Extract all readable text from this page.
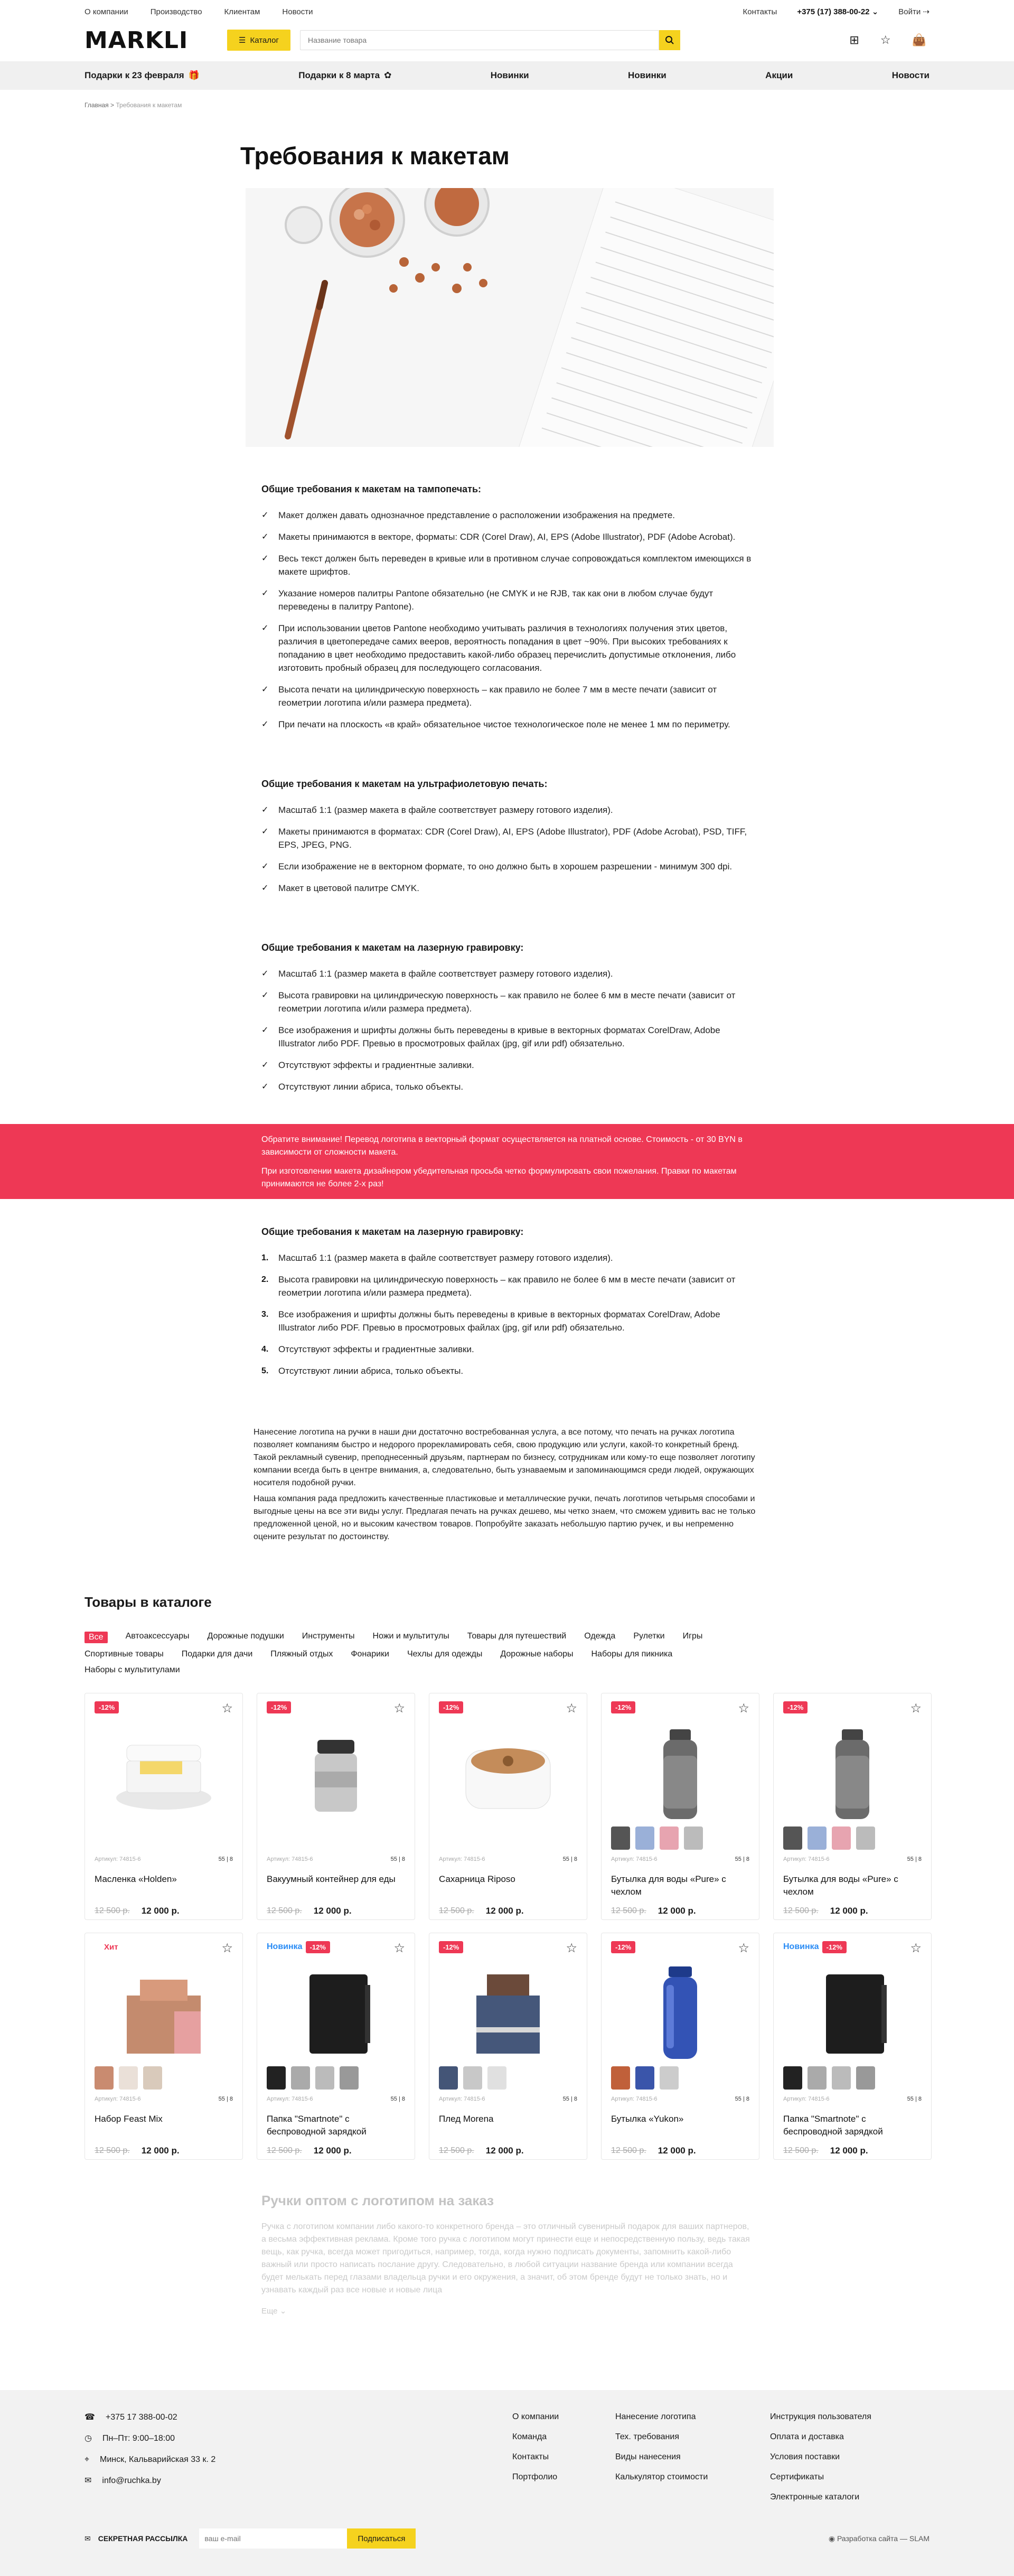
О компании	Производство	Клиентам	Новости	Контакты	+375 (17) 388-00-22 ⌄	Войти ⇢
MARKLI	☰ Каталог
Название товара	⊞ ☆ 👜
Подарки к 23 февраля 🎁	Подарки к 8 марта ✿	Новинки	Новинки	Акции	Новости
Главная > Требования к макетам
Требования к макетам
Общие требования к макетам на тампопечать:
✓ Макет должен давать однозначное представление о расположении изображения на предмете.
✓ Макеты принимаются в векторе, форматы: CDR (Corel Draw), AI, EPS (Adobe Illustrator), PDF (Adobe Acrobat).
✓ Весь текст должен быть переведен в кривые или в противном случае сопровождаться комплектом имеющихся в макете шрифтов.
✓ Указание номеров палитры Pantone обязательно (не CMYK и не RJB, так как они в любом случае будут переведены в палитру Pantone).
✓ При использовании цветов Pantone необходимо учитывать различия в технологиях получения этих цветов, различия в цветопередаче самих вееров, вероятность попадания в цвет ~90%. При высоких требованиях к попаданию в цвет необходимо предоставить какой-либо образец перечислить допустимые отклонения, либо изготовить пробный образец для последующего согласования.
✓ Высота печати на цилиндрическую поверхность – как правило не более 7 мм в месте печати (зависит от геометрии логотипа и/или размера предмета).
✓ При печати на плоскость «в край» обязательное чистое технологическое поле не менее 1 мм по периметру.
Общие требования к макетам на ультрафиолетовую печать:
✓ Масштаб 1:1 (размер макета в файле соответствует размеру готового изделия).
✓ Макеты принимаются в форматах: CDR (Corel Draw), AI, EPS (Adobe Illustrator), PDF (Adobe Acrobat), PSD, TIFF, EPS, JPEG, PNG.
✓ Если изображение не в векторном формате, то оно должно быть в хорошем разрешении - минимум 300 dpi.
✓ Макет в цветовой палитре CMYK.
Общие требования к макетам на лазерную гравировку:
✓ Масштаб 1:1 (размер макета в файле соответствует размеру готового изделия).
✓ Высота гравировки на цилиндрическую поверхность – как правило не более 6 мм в месте печати (зависит от геометрии логотипа и/или размера предмета).
✓ Все изображения и шрифты должны быть переведены в кривые в векторных форматах CorelDraw, Adobe Illustrator либо PDF. Превью в просмотровых файлах (jpg, gif или pdf) обязательно.
✓ Отсутствуют эффекты и градиентные заливки.
✓ Отсутствуют линии абриса, только объекты.

Обратите внимание! Перевод логотипа в векторный формат осуществляется на платной основе. Стоимость - от 30 BYN в зависимости от сложности макета.

При изготовлении макета дизайнером убедительная просьба четко формулировать свои пожелания. Правки по макетам принимаются не более 2-х раз!

Общие требования к макетам на лазерную гравировку:
1. Масштаб 1:1 (размер макета в файле соответствует размеру готового изделия).
2. Высота гравировки на цилиндрическую поверхность – как правило не более 6 мм в месте печати (зависит от геометрии логотипа и/или размера предмета).
3. Все изображения и шрифты должны быть переведены в кривые в векторных форматах CorelDraw, Adobe Illustrator либо PDF. Превью в просмотровых файлах (jpg, gif или pdf) обязательно.
4. Отсутствуют эффекты и градиентные заливки.
5. Отсутствуют линии абриса, только объекты.

Нанесение логотипа на ручки в наши дни достаточно востребованная услуга, а все потому, что печать на ручках логотипа позволяет компаниям быстро и недорого прорекламировать себя, свою продукцию или услуги, какой-то конкретный бренд. Такой рекламный сувенир, преподнесенный друзьям, партнерам по бизнесу, сотрудникам или кому-то еще позволяет логотипу компании всегда быть в центре внимания, а, следовательно, быть узнаваемым и запоминающимся среди людей, окружающих носителя подобной ручки.

Наша компания рада предложить качественные пластиковые и металлические ручки, печать логотипов четырьмя способами и выгодные цены на все эти виды услуг. Предлагая печать на ручках дешево, мы четко знаем, что сможем удивить вас не только предложенной ценой, но и высоким качеством товаров. Попробуйте заказать небольшую партию ручек, и вы непременно оцените результат по достоинству.

Товары в каталоге
Все	Автоаксессуары Дорожные подушки Инструменты Ножи и мультитулы Товары для путешествий Одежда Рулетки Игры
Спортивные товары Подарки для дачи Пляжный отдых Фонарики Чехлы для одежды Дорожные наборы Наборы для пикника
Наборы с мультитулами
-12%	☆
Артикул: 74815-6	55 | 8
Масленка «Holden»
12 500 р. 12 000 р.
-12%	☆
Артикул: 74815-6	55 | 8
Вакуумный контейнер для еды
12 500 р. 12 000 р.
-12%	☆
Артикул: 74815-6	55 | 8
Сахарница Riposo
12 500 р. 12 000 р.
-12%	☆
Артикул: 74815-6	55 | 8
Бутылка для воды «Pure» с чехлом
12 500 р. 12 000 р.
-12%	☆
Артикул: 74815-6	55 | 8
Бутылка для воды «Pure» с чехлом
12 500 р. 12 000 р.
Хит	☆
Артикул: 74815-6	55 | 8
Набор Feast Mix
12 500 р. 12 000 р.
Новинка	-12%	☆
Артикул: 74815-6	55 | 8
Папка "Smartnote" с беспроводной зарядкой
12 500 р. 12 000 р.
-12%	☆
Артикул: 74815-6	55 | 8
Плед Morena
12 500 р. 12 000 р.
-12%	☆
Артикул: 74815-6	55 | 8
Бутылка «Yukon»
12 500 р. 12 000 р.
Новинка	-12%	☆
Артикул: 74815-6	55 | 8
Папка "Smartnote" с беспроводной зарядкой
12 500 р. 12 000 р.
Ручки оптом с логотипом на заказ

Ручка с логотипом компании либо какого-то конкретного бренда – это отличный сувенирный подарок для ваших партнеров, а весьма эффективная реклама. Кроме того ручка с логотипом могут принести еще и непосредственную пользу, ведь такая вещь, как ручка, всегда может пригодиться, например, тогда, когда нужно подписать документы, запомнить какой-либо важный или просто написать послание другу. Следовательно, в любой ситуации название бренда или компании всегда будет мелькать перед глазами владельца ручки и его окружения, а значит, об этом бренде будут не только знать, но и узнавать каждый раз все новые и новые лица

Еще ⌄
☎ +375 17 388-00-02
◷ Пн–Пт: 9:00–18:00
⌖ Минск, Кальварийская 33 к. 2
✉ info@ruchka.by
О компании
Команда
Контакты
Портфолио
Нанесение логотипа
Тех. требования
Виды нанесения
Калькулятор стоимости
Инструкция пользователя
Оплата и доставка
Условия поставки
Сертификаты
Электронные каталоги
✉ СЕКРЕТНАЯ РАССЫЛКА
ваш e-mail	Подписаться	◉ Разработка сайта — SLAM
